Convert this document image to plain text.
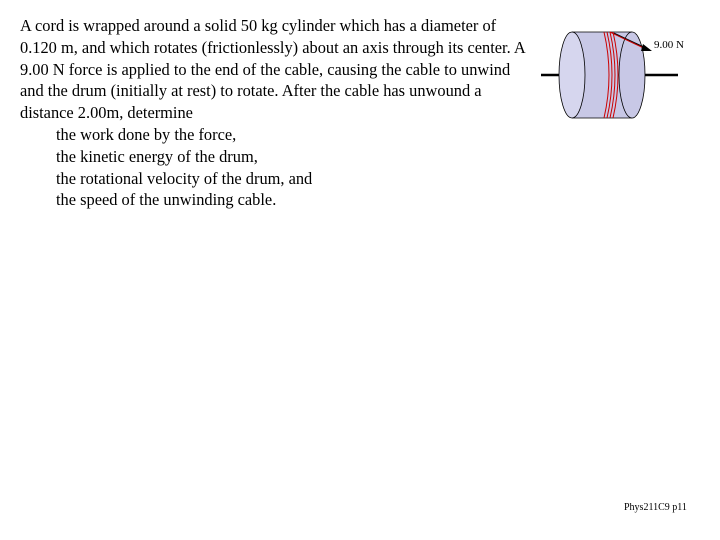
A cord is wrapped around a solid 50 kg cylinder which has a diameter of 0.120 m, and which rotates (frictionlessly) about an axis through its center. A 9.00 N force is applied to the end of the cable, causing the cable to unwind and the drum (initially at rest) to rotate. After the cable has unwound a distance 2.00m, determine

the work done by the force,
the kinetic energy of the drum,
the rotational velocity of the drum, and
the speed of the unwinding cable.
9.00 N
Phys211C9 p11
